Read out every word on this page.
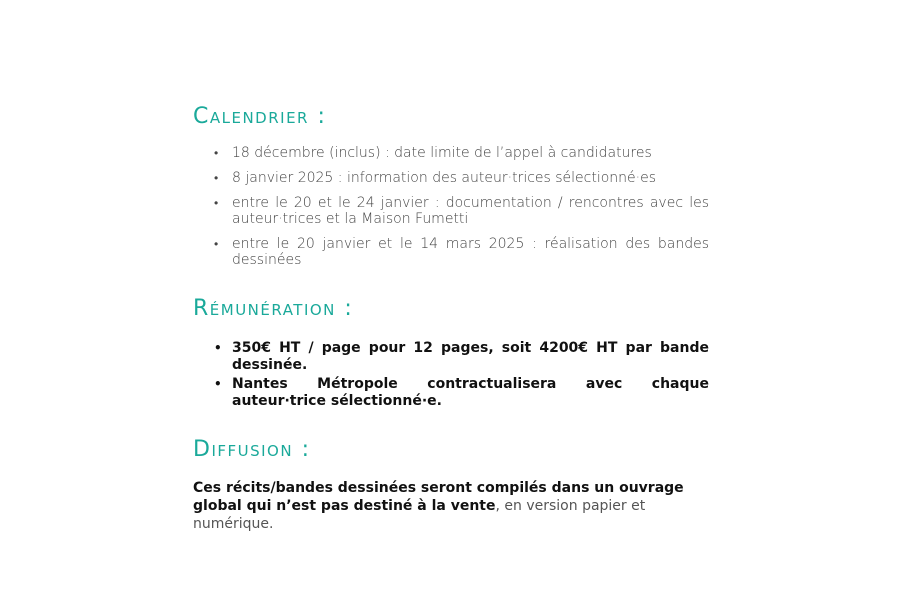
Calendrier :
• 18 décembre (inclus) : date limite de l’appel à candidatures
• 8 janvier 2025 : information des auteur·trices sélectionné·es
• entre le 20 et le 24 janvier : documentation / rencontres avec les auteur·trices et la Maison Fumetti
• entre le 20 janvier et le 14 mars 2025 : réalisation des bandes dessinées
Rémunération :
• 350€ HT / page pour 12 pages, soit 4200€ HT par bande dessinée.
• Nantes Métropole contractualisera avec chaque auteur·trice sélectionné·e.
Diffusion :

Ces récits/bandes dessinées seront compilés dans un ouvrage global qui n’est pas destiné à la vente, en version papier et numérique.
